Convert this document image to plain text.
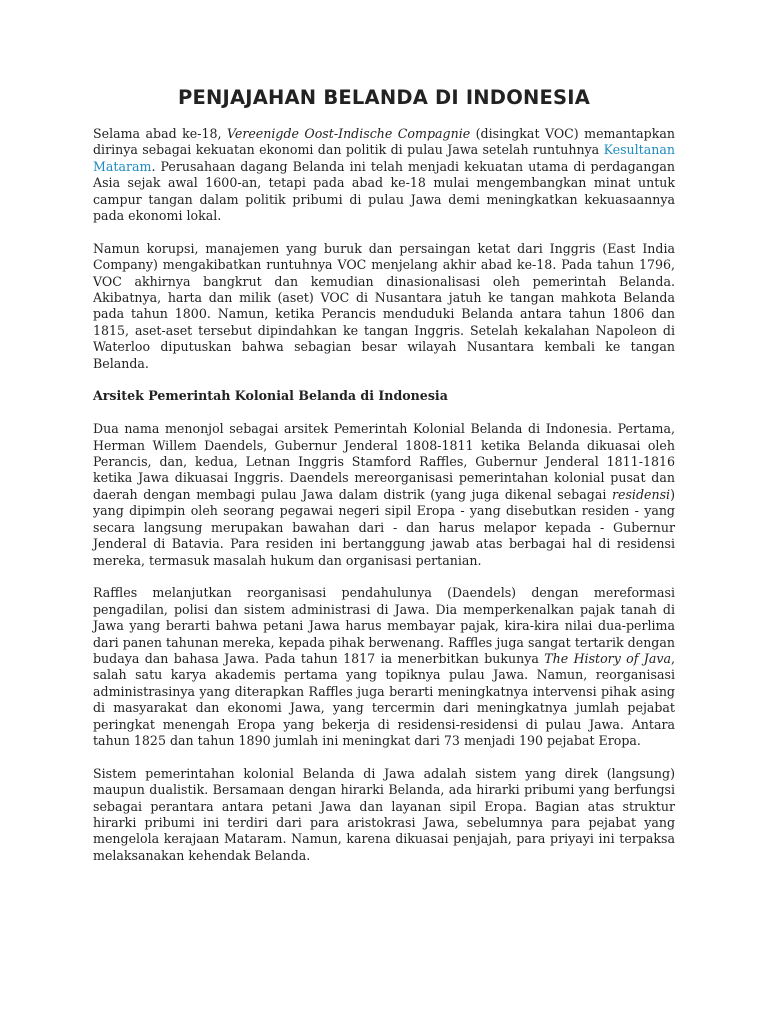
PENJAJAHAN BELANDA DI INDONESIA

Selama abad ke-18, Vereenigde Oost-Indische Compagnie (disingkat VOC) memantapkan dirinya sebagai kekuatan ekonomi dan politik di pulau Jawa setelah runtuhnya Kesultanan Mataram. Perusahaan dagang Belanda ini telah menjadi kekuatan utama di perdagangan Asia sejak awal 1600-an, tetapi pada abad ke-18 mulai mengembangkan minat untuk campur tangan dalam politik pribumi di pulau Jawa demi meningkatkan kekuasaannya pada ekonomi lokal.

Namun korupsi, manajemen yang buruk dan persaingan ketat dari Inggris (East India Company) mengakibatkan runtuhnya VOC menjelang akhir abad ke-18. Pada tahun 1796, VOC akhirnya bangkrut dan kemudian dinasionalisasi oleh pemerintah Belanda. Akibatnya, harta dan milik (aset) VOC di Nusantara jatuh ke tangan mahkota Belanda pada tahun 1800. Namun, ketika Perancis menduduki Belanda antara tahun 1806 dan 1815, aset-aset tersebut dipindahkan ke tangan Inggris. Setelah kekalahan Napoleon di Waterloo diputuskan bahwa sebagian besar wilayah Nusantara kembali ke tangan Belanda.

Arsitek Pemerintah Kolonial Belanda di Indonesia

Dua nama menonjol sebagai arsitek Pemerintah Kolonial Belanda di Indonesia. Pertama, Herman Willem Daendels, Gubernur Jenderal 1808-1811 ketika Belanda dikuasai oleh Perancis, dan, kedua, Letnan Inggris Stamford Raffles, Gubernur Jenderal 1811-1816 ketika Jawa dikuasai Inggris. Daendels mereorganisasi pemerintahan kolonial pusat dan daerah dengan membagi pulau Jawa dalam distrik (yang juga dikenal sebagai residensi) yang dipimpin oleh seorang pegawai negeri sipil Eropa - yang disebutkan residen - yang secara langsung merupakan bawahan dari - dan harus melapor kepada - Gubernur Jenderal di Batavia. Para residen ini bertanggung jawab atas berbagai hal di residensi mereka, termasuk masalah hukum dan organisasi pertanian.

Raffles melanjutkan reorganisasi pendahulunya (Daendels) dengan mereformasi pengadilan, polisi dan sistem administrasi di Jawa. Dia memperkenalkan pajak tanah di Jawa yang berarti bahwa petani Jawa harus membayar pajak, kira-kira nilai dua-perlima dari panen tahunan mereka, kepada pihak berwenang. Raffles juga sangat tertarik dengan budaya dan bahasa Jawa. Pada tahun 1817 ia menerbitkan bukunya The History of Java, salah satu karya akademis pertama yang topiknya pulau Jawa. Namun, reorganisasi administrasinya yang diterapkan Raffles juga berarti meningkatnya intervensi pihak asing di masyarakat dan ekonomi Jawa, yang tercermin dari meningkatnya jumlah pejabat peringkat menengah Eropa yang bekerja di residensi-residensi di pulau Jawa. Antara tahun 1825 dan tahun 1890 jumlah ini meningkat dari 73 menjadi 190 pejabat Eropa.

Sistem pemerintahan kolonial Belanda di Jawa adalah sistem yang direk (langsung) maupun dualistik. Bersamaan dengan hirarki Belanda, ada hirarki pribumi yang berfungsi sebagai perantara antara petani Jawa dan layanan sipil Eropa. Bagian atas struktur hirarki pribumi ini terdiri dari para aristokrasi Jawa, sebelumnya para pejabat yang mengelola kerajaan Mataram. Namun, karena dikuasai penjajah, para priyayi ini terpaksa melaksanakan kehendak Belanda.
